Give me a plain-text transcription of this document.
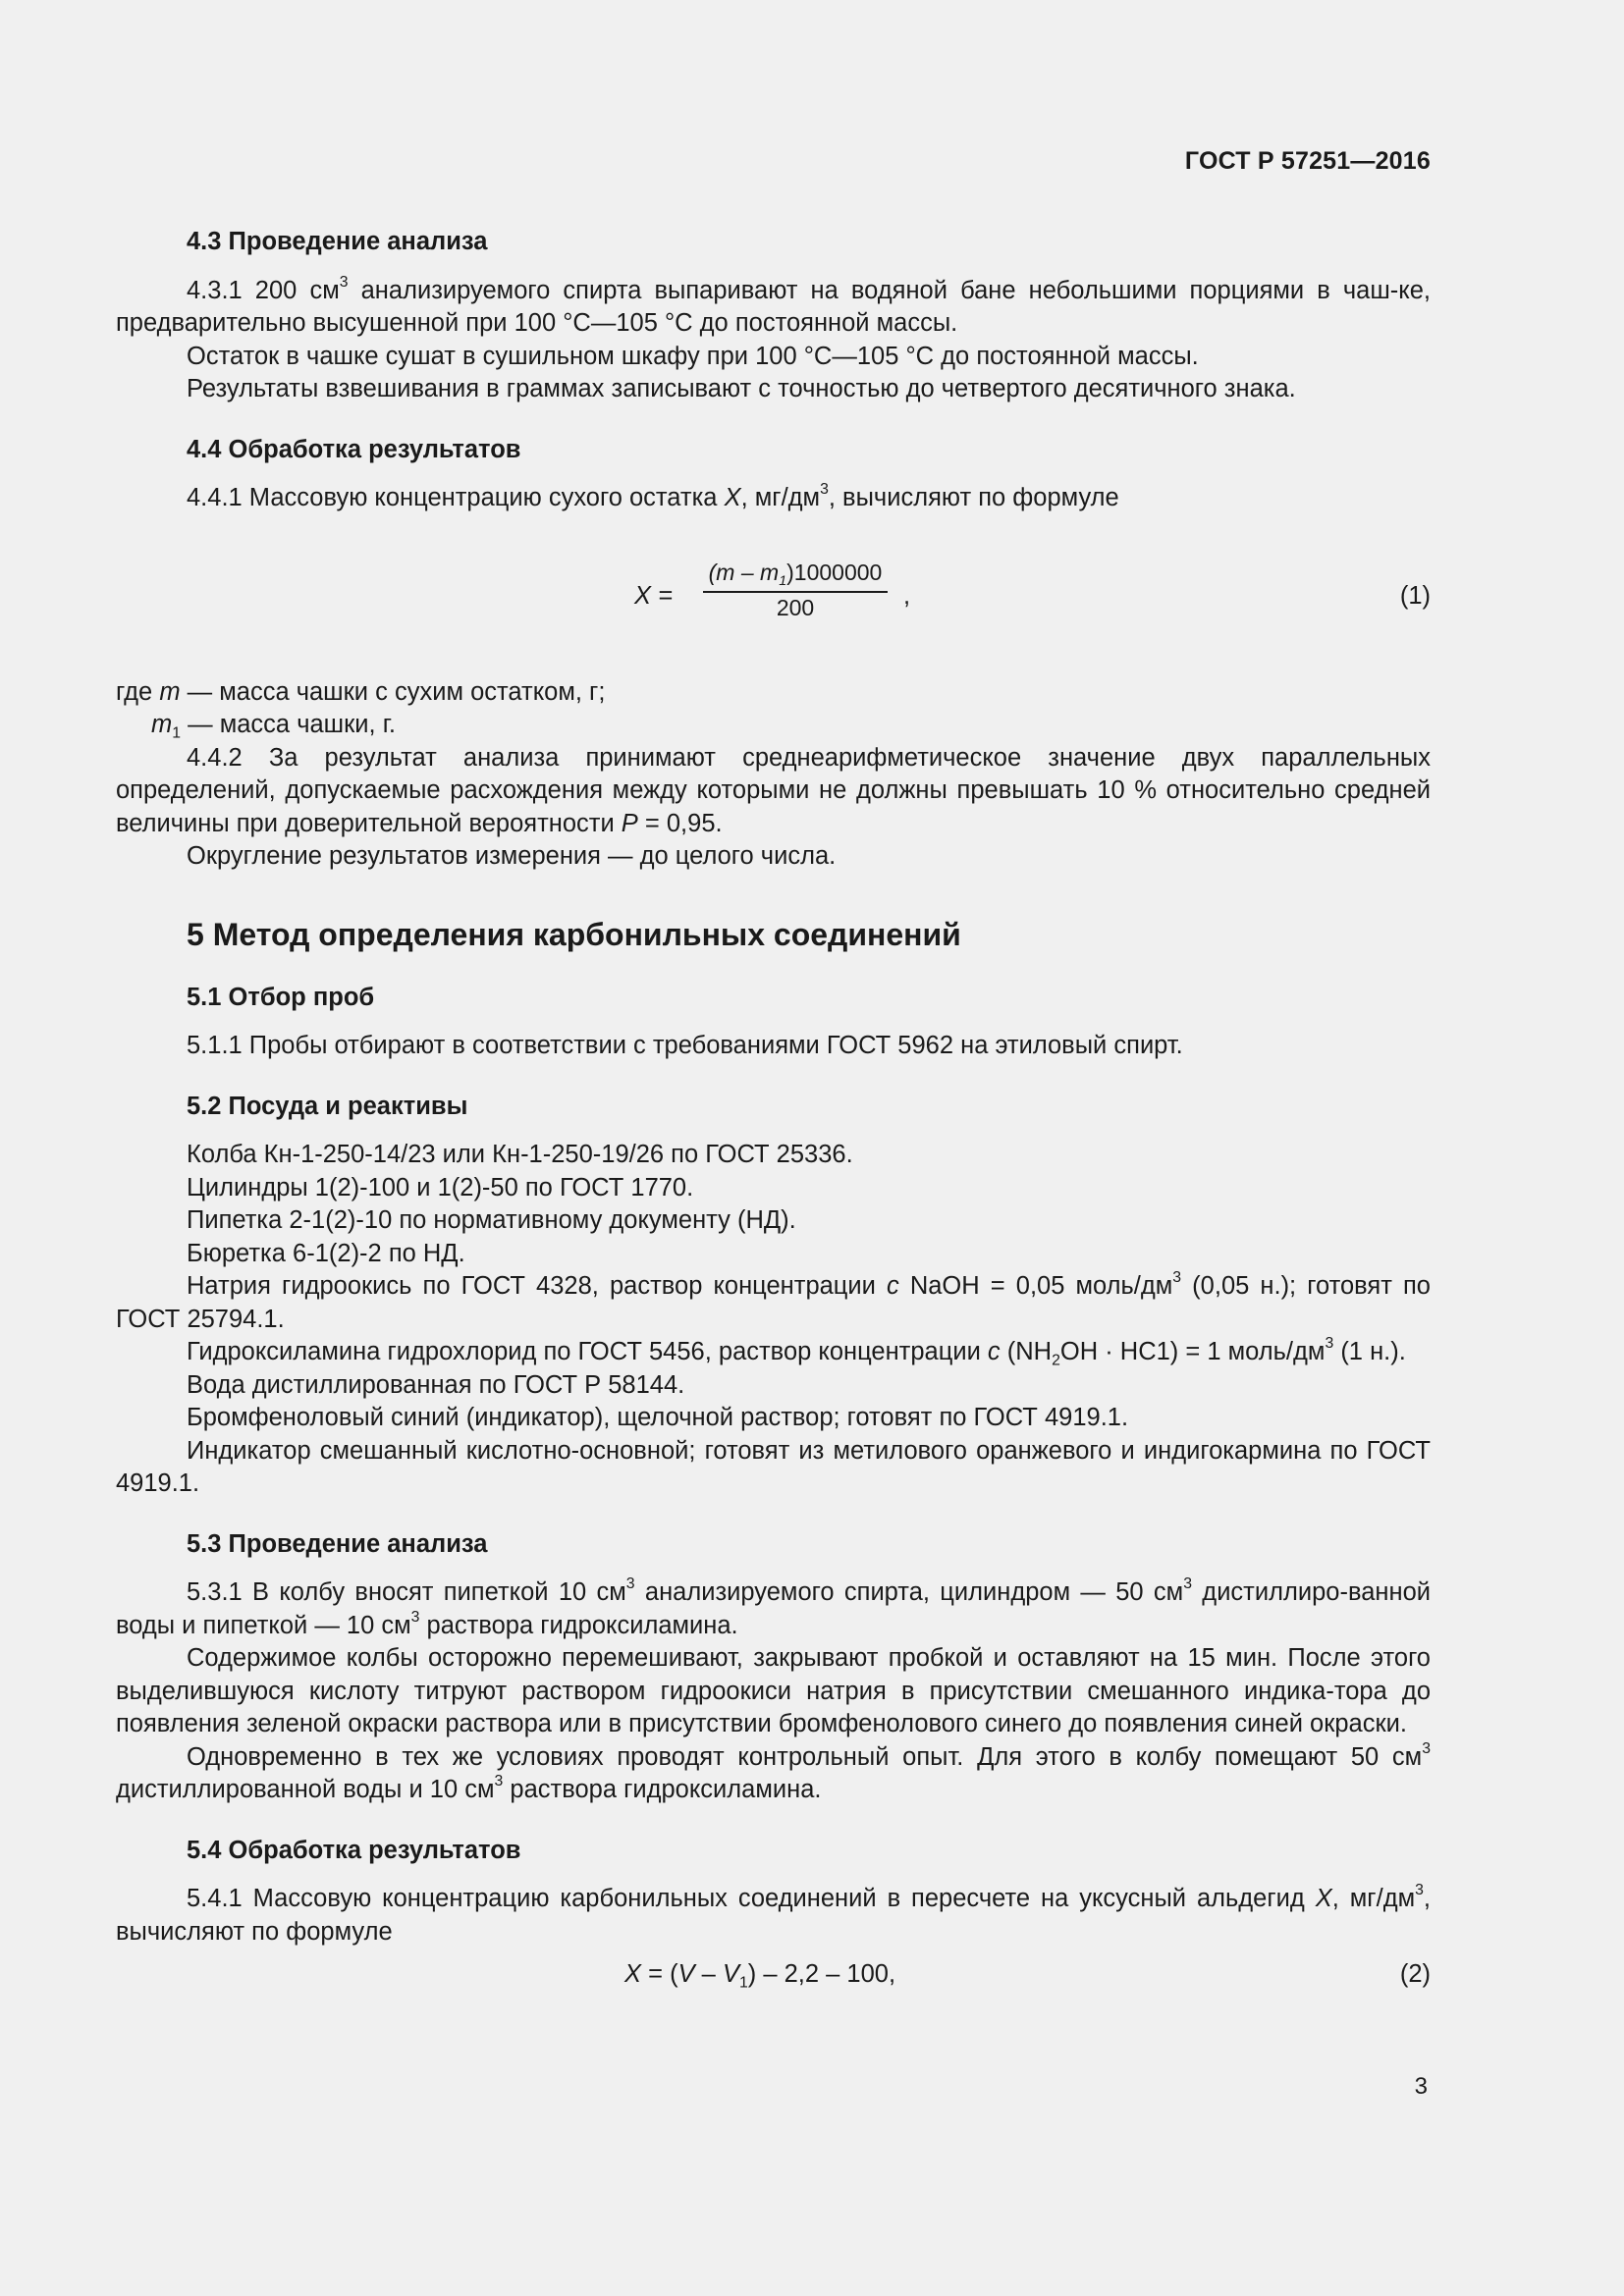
ГОСТ Р 57251—2016

4.3 Проведение анализа

4.3.1 200 $см^3$ анализируемого спирта выпаривают на водяной бане небольшими порциями в чаш-ке, предварительно высушенной при 100 °С—105 °С до постоянной массы.

Остаток в чашке сушат в сушильном шкафу при 100 °С—105 °С до постоянной массы.

Результаты взвешивания в граммах записывают с точностью до четвертого десятичного знака.

4.4 Обработка результатов

4.4.1 Массовую концентрацию сухого остатка X, $мг/дм^3$, вычисляют по формуле

$X = \frac{(m - m_1)1000000}{200}$ ,	(1)

где m — масса чашки с сухим остатком, г;

$m_1$ — масса чашки, г.

4.4.2 За результат анализа принимают среднеарифметическое значение двух параллельных определений, допускаемые расхождения между которыми не должны превышать 10 % относительно средней величины при доверительной вероятности Р = 0,95.

Округление результатов измерения — до целого числа.

5 Метод определения карбонильных соединений

5.1 Отбор проб

5.1.1 Пробы отбирают в соответствии с требованиями ГОСТ 5962 на этиловый спирт.

5.2 Посуда и реактивы

Колба Кн-1-250-14/23 или Кн-1-250-19/26 по ГОСТ 25336.

Цилиндры 1(2)-100 и 1(2)-50 по ГОСТ 1770.

Пипетка 2-1(2)-10 по нормативному документу (НД).

Бюретка 6-1(2)-2 по НД.

Натрия гидроокись по ГОСТ 4328, раствор концентрации с NaOH = 0,05 моль/$дм^3$ (0,05 н.); готовят по ГОСТ 25794.1.

Гидроксиламина гидрохлорид по ГОСТ 5456, раствор концентрации с $(NH_2OH \cdot HC1) = 1$ моль/$дм^3$ (1 н.).

Вода дистиллированная по ГОСТ Р 58144.

Бромфеноловый синий (индикатор), щелочной раствор; готовят по ГОСТ 4919.1.

Индикатор смешанный кислотно-основной; готовят из метилового оранжевого и индигокармина по ГОСТ 4919.1.

5.3 Проведение анализа

5.3.1 В колбу вносят пипеткой 10 $см^3$ анализируемого спирта, цилиндром — 50 $см^3$ дистиллиро-ванной воды и пипеткой — 10 $см^3$ раствора гидроксиламина.

Содержимое колбы осторожно перемешивают, закрывают пробкой и оставляют на 15 мин. После этого выделившуюся кислоту титруют раствором гидроокиси натрия в присутствии смешанного индика-тора до появления зеленой окраски раствора или в присутствии бромфенолового синего до появления синей окраски.

Одновременно в тех же условиях проводят контрольный опыт. Для этого в колбу помещают 50 $см^3$ дистиллированной воды и 10 $см^3$ раствора гидроксиламина.

5.4 Обработка результатов

5.4.1 Массовую концентрацию карбонильных соединений в пересчете на уксусный альдегид X, $мг/дм^3$, вычисляют по формуле

$X = (V - V_1) - 2,2 - 100$,	(2)
3
